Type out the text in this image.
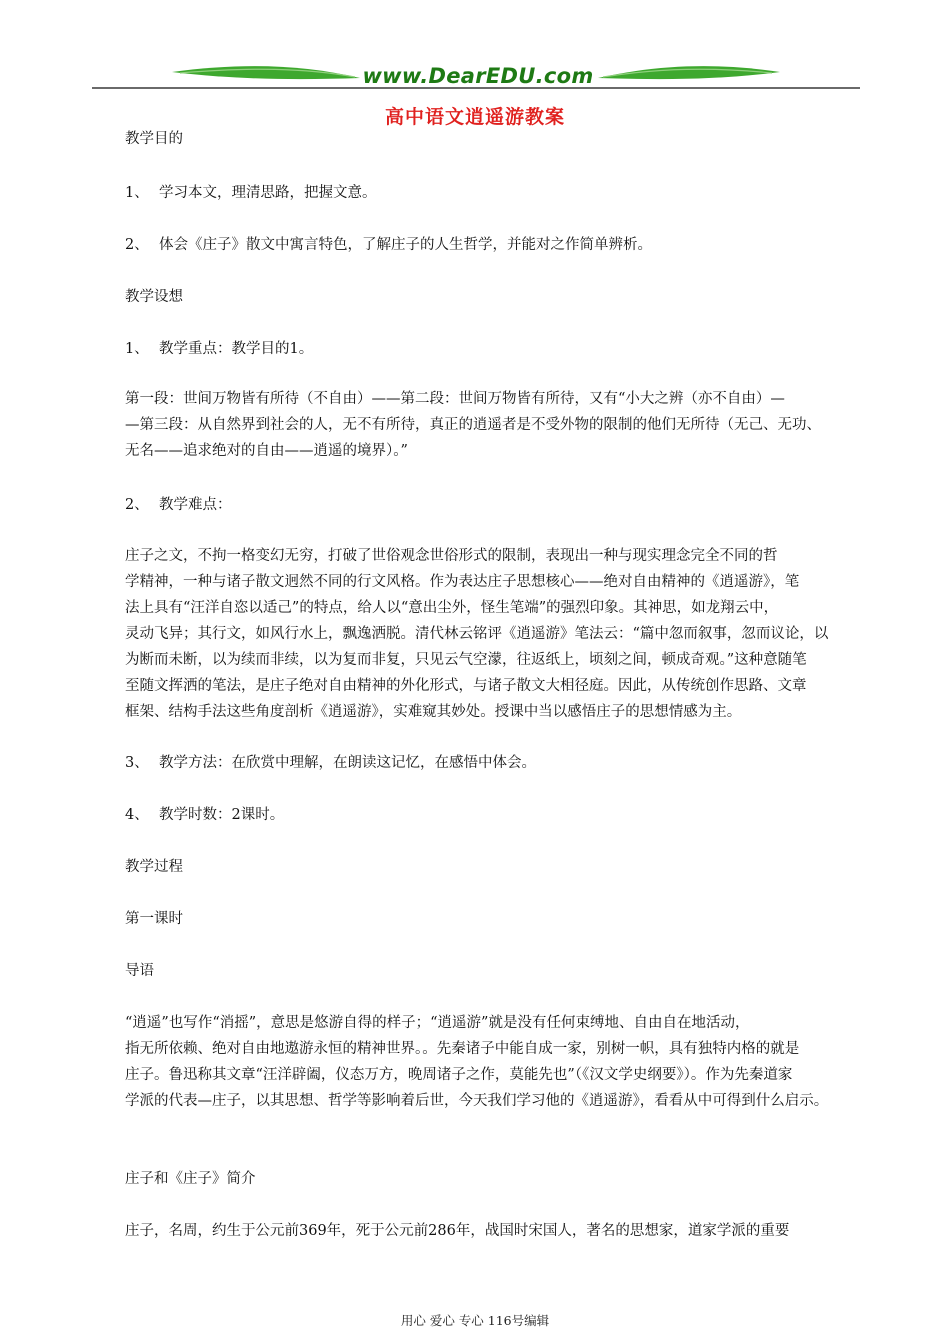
www.DearEDU.com
高中语文逍遥游教案
教学目的
1、 学习本文，理清思路，把握文意。
2、 体会《庄子》散文中寓言特色，了解庄子的人生哲学，并能对之作简单辨析。
教学设想
1、 教学重点：教学目的1。
第一段：世间万物皆有所待（不自由）——第二段：世间万物皆有所待，又有“小大之辨（亦不自由）—
—第三段：从自然界到社会的人，无不有所待，真正的逍遥者是不受外物的限制的他们无所待（无己、无功、
无名——追求绝对的自由——逍遥的境界）。”
2、 教学难点：
庄子之文，不拘一格变幻无穷，打破了世俗观念世俗形式的限制，表现出一种与现实理念完全不同的哲
学精神，一种与诸子散文迥然不同的行文风格。作为表达庄子思想核心——绝对自由精神的《逍遥游》，笔
法上具有“汪洋自恣以适己”的特点，给人以“意出尘外，怪生笔端”的强烈印象。其神思，如龙翔云中，
灵动飞异；其行文，如风行水上，飘逸洒脱。清代林云铭评《逍遥游》笔法云：“篇中忽而叙事，忽而议论，以
为断而未断，以为续而非续，以为复而非复，只见云气空濛，往返纸上，顷刻之间，顿成奇观。”这种意随笔
至随文挥洒的笔法，是庄子绝对自由精神的外化形式，与诸子散文大相径庭。因此，从传统创作思路、文章
框架、结构手法这些角度剖析《逍遥游》，实难窥其妙处。授课中当以感悟庄子的思想情感为主。
3、 教学方法：在欣赏中理解，在朗读这记忆，在感悟中体会。
4、 教学时数：2课时。
教学过程
第一课时
导语
“逍遥”也写作“消摇”，意思是悠游自得的样子；“逍遥游”就是没有任何束缚地、自由自在地活动，
指无所依赖、绝对自由地遨游永恒的精神世界。。先秦诸子中能自成一家，别树一帜，具有独特内格的就是
庄子。鲁迅称其文章“汪洋辟阖，仪态万方，晚周诸子之作，莫能先也”（《汉文学史纲要》）。作为先秦道家
学派的代表—庄子，以其思想、哲学等影响着后世，今天我们学习他的《逍遥游》，看看从中可得到什么启示。
庄子和《庄子》简介
庄子，名周，约生于公元前369年，死于公元前286年，战国时宋国人，著名的思想家，道家学派的重要
用心 爱心 专心 116号编辑
